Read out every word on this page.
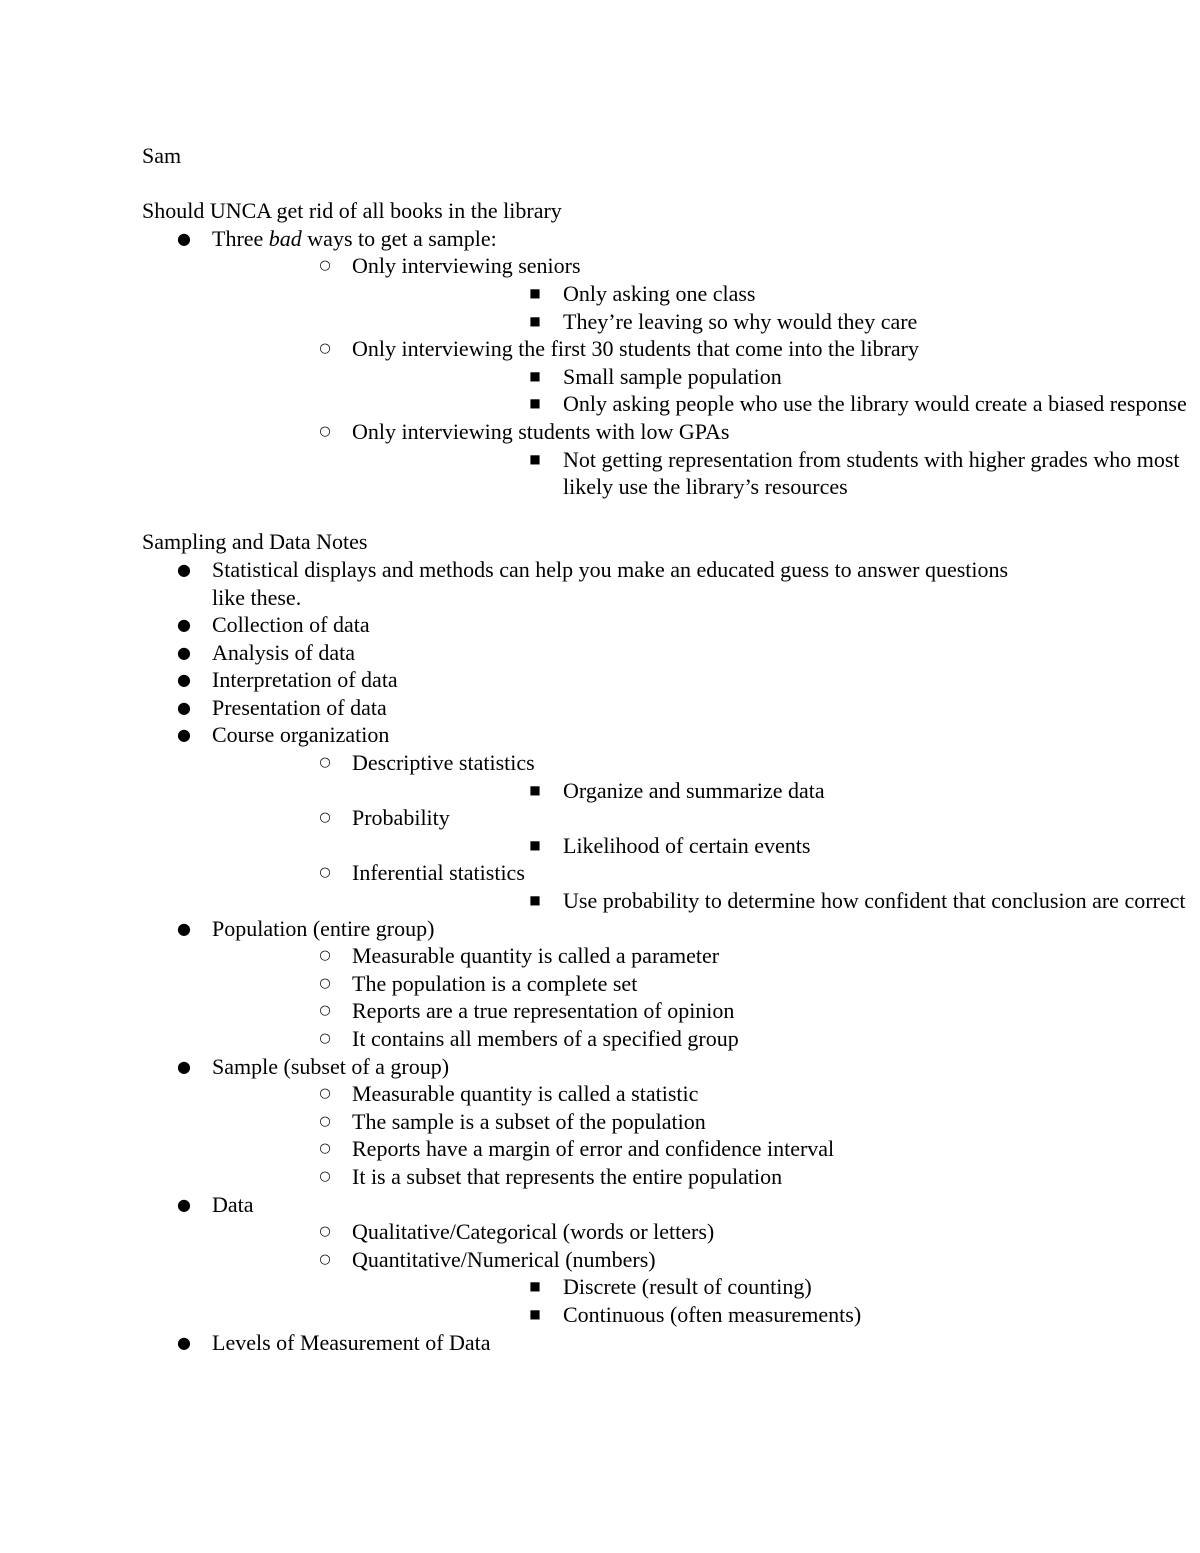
Sam

Should UNCA get rid of all books in the library

● Three bad ways to get a sample:
○ Only interviewing seniors
■ Only asking one class
■ They’re leaving so why would they care
○ Only interviewing the first 30 students that come into the library
■ Small sample population
■ Only asking people who use the library would create a biased response
○ Only interviewing students with low GPAs
■ Not getting representation from students with higher grades who most likely use the library’s resources

Sampling and Data Notes

● Statistical displays and methods can help you make an educated guess to answer questions like these.
● Collection of data
● Analysis of data
● Interpretation of data
● Presentation of data
● Course organization
○ Descriptive statistics
■ Organize and summarize data
○ Probability
■ Likelihood of certain events
○ Inferential statistics
■ Use probability to determine how confident that conclusion are correct
● Population (entire group)
○ Measurable quantity is called a parameter
○ The population is a complete set
○ Reports are a true representation of opinion
○ It contains all members of a specified group
● Sample (subset of a group)
○ Measurable quantity is called a statistic
○ The sample is a subset of the population
○ Reports have a margin of error and confidence interval
○ It is a subset that represents the entire population
● Data
○ Qualitative/Categorical (words or letters)
○ Quantitative/Numerical (numbers)
■ Discrete (result of counting)
■ Continuous (often measurements)
● Levels of Measurement of Data
